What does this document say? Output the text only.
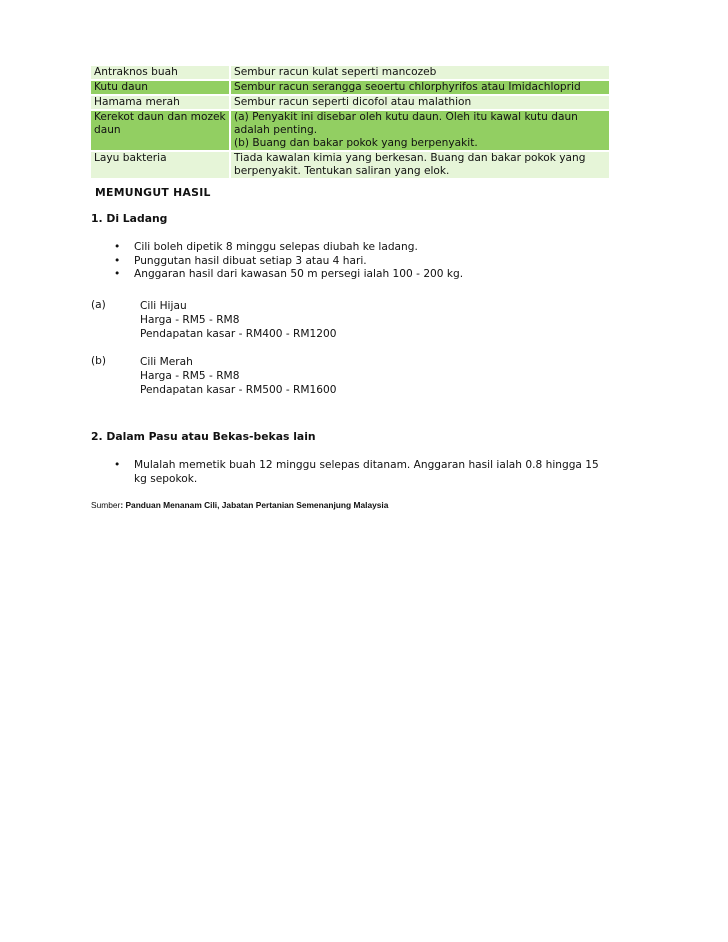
Antraknos buah	Sembur racun kulat seperti mancozeb
Kutu daun	Sembur racun serangga seoertu chlorphyrifos atau Imidachloprid
Hamama merah	Sembur racun seperti dicofol atau malathion
Kerekot daun dan mozek daun	(a) Penyakit ini disebar oleh kutu daun. Oleh itu kawal kutu daun adalah penting.
(b) Buang dan bakar pokok yang berpenyakit.

Layu bakteria	Tiada kawalan kimia yang berkesan. Buang dan bakar pokok yang berpenyakit. Tentukan saliran yang elok.
MEMUNGUT HASIL
1. Di Ladang
• Cili boleh dipetik 8 minggu selepas diubah ke ladang.
• Punggutan hasil dibuat setiap 3 atau 4 hari.
• Anggaran hasil dari kawasan 50 m persegi ialah 100 - 200 kg.
(a)	Cili Hijau
Harga - RM5 - RM8
Pendapatan kasar - RM400 - RM1200
(b)	Cili Merah
Harga - RM5 - RM8
Pendapatan kasar - RM500 - RM1600
2. Dalam Pasu atau Bekas-bekas lain
• Mulalah memetik buah 12 minggu selepas ditanam. Anggaran hasil ialah 0.8 hingga 15 kg sepokok.
Sumber: Panduan Menanam Cili, Jabatan Pertanian Semenanjung Malaysia
